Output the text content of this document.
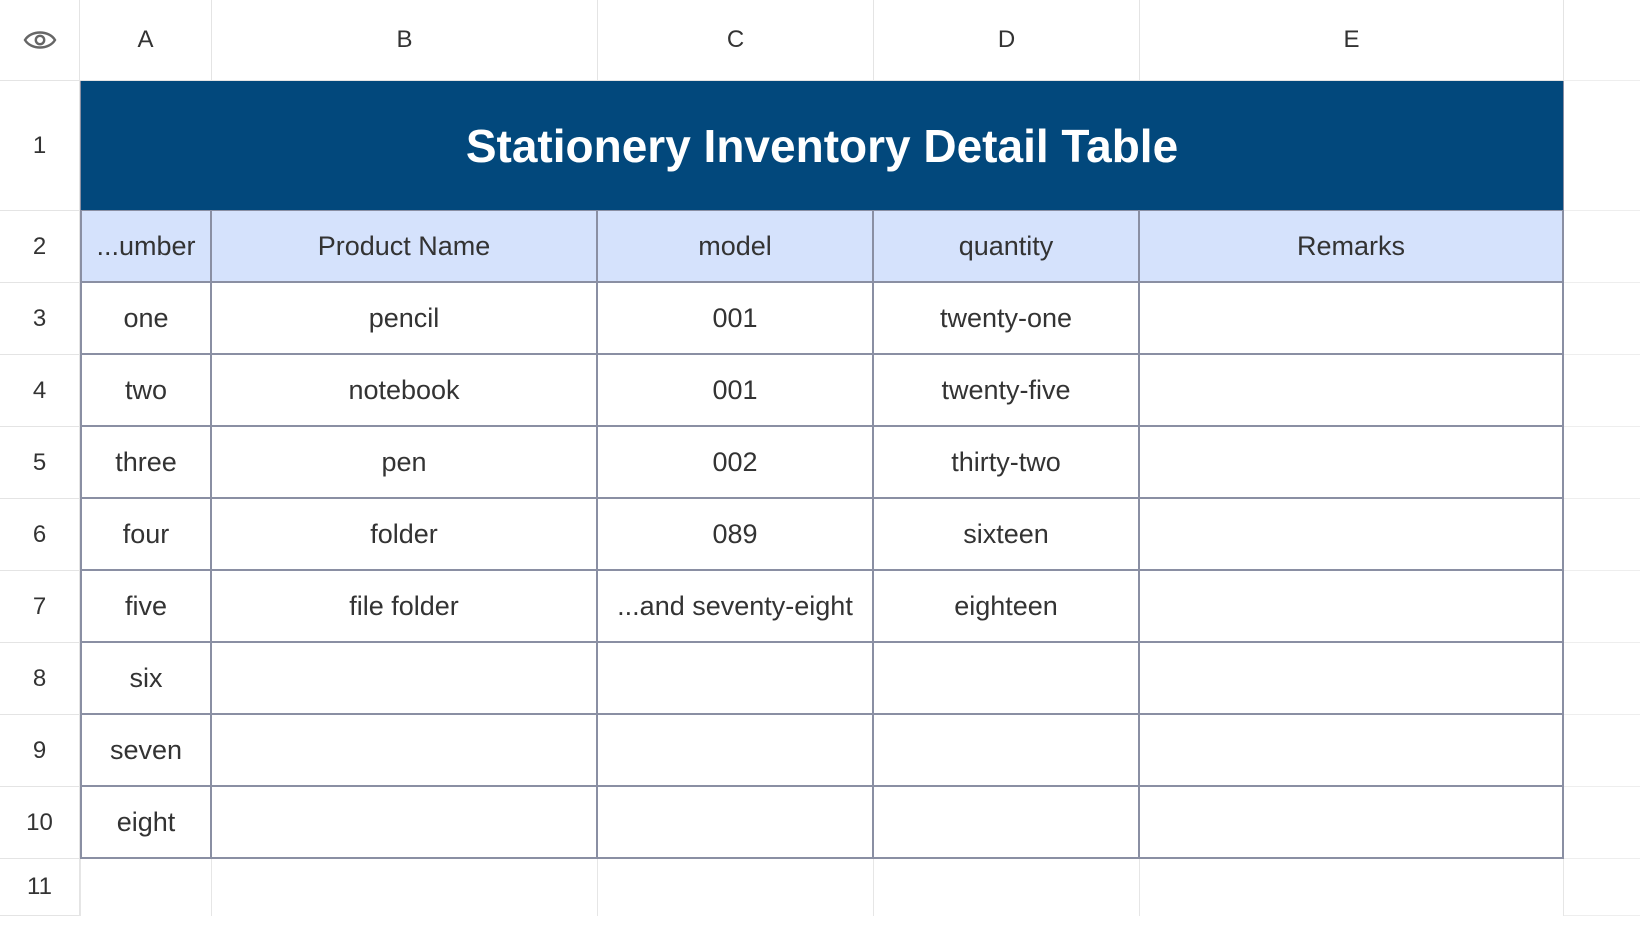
A	B	C	D	E
1	Stationery Inventory Detail Table
2	...umber	Product Name	model	quantity	Remarks
3	one	pencil	001	twenty-one
4	two	notebook	001	twenty-five
5	three	pen	002	thirty-two
6	four	folder	089	sixteen
7	five	file folder	...and seventy-eight	eighteen
8	six
9	seven
10	eight
11
